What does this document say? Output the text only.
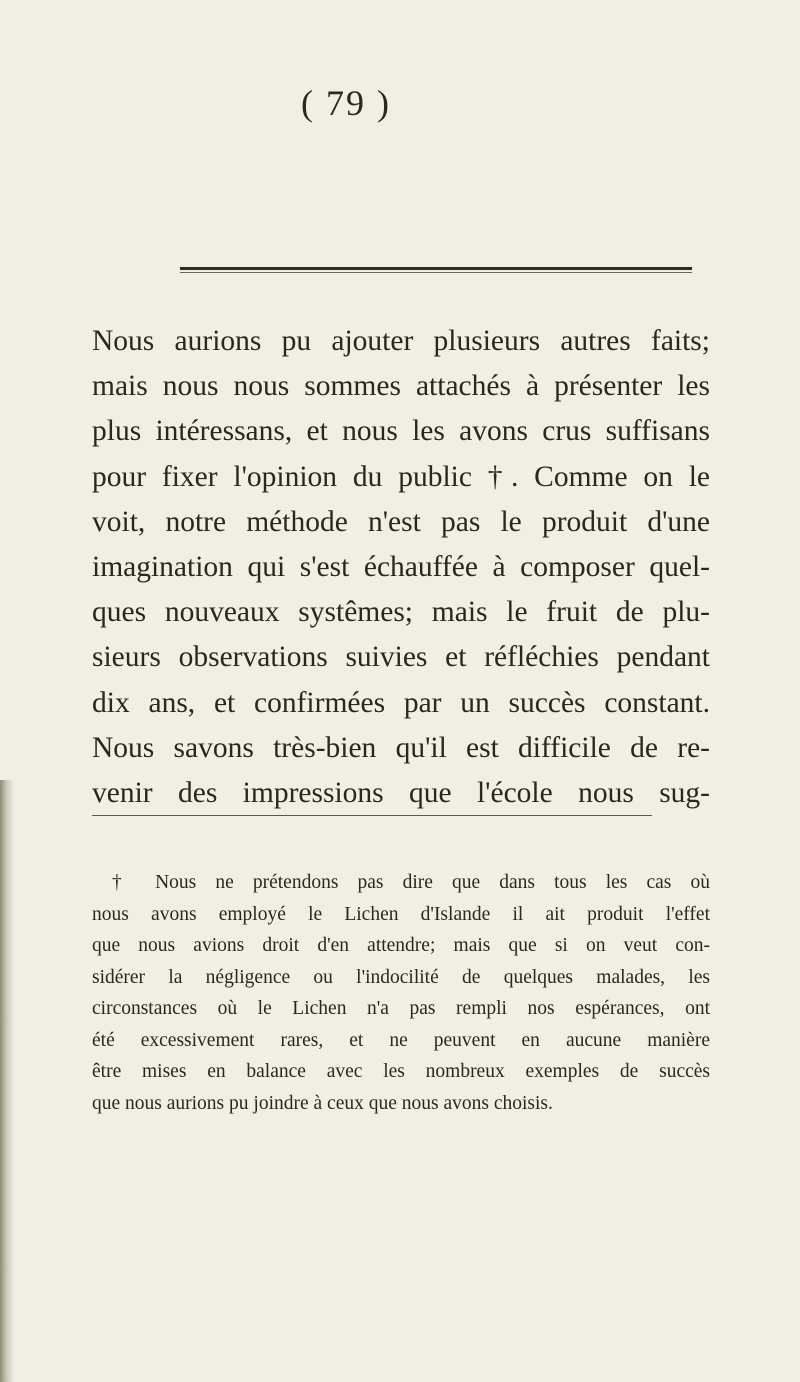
( 79 )
Nous aurions pu ajouter plusieurs autres faits;
mais nous nous sommes attachés à présenter les
plus intéressans, et nous les avons crus suffisans
pour fixer l'opinion du public †. Comme on le
voit, notre méthode n'est pas le produit d'une
imagination qui s'est échauffée à composer quel-
ques nouveaux systêmes; mais le fruit de plu-
sieurs observations suivies et réfléchies pendant
dix ans, et confirmées par un succès constant.
Nous savons très-bien qu'il est difficile de re-
venir des impressions que l'école nous sug-
† Nous ne prétendons pas dire que dans tous les cas où
nous avons employé le Lichen d'Islande il ait produit l'effet
que nous avions droit d'en attendre; mais que si on veut con-
sidérer la négligence ou l'indocilité de quelques malades, les
circonstances où le Lichen n'a pas rempli nos espérances, ont
été excessivement rares, et ne peuvent en aucune manière
être mises en balance avec les nombreux exemples de succès
que nous aurions pu joindre à ceux que nous avons choisis.
